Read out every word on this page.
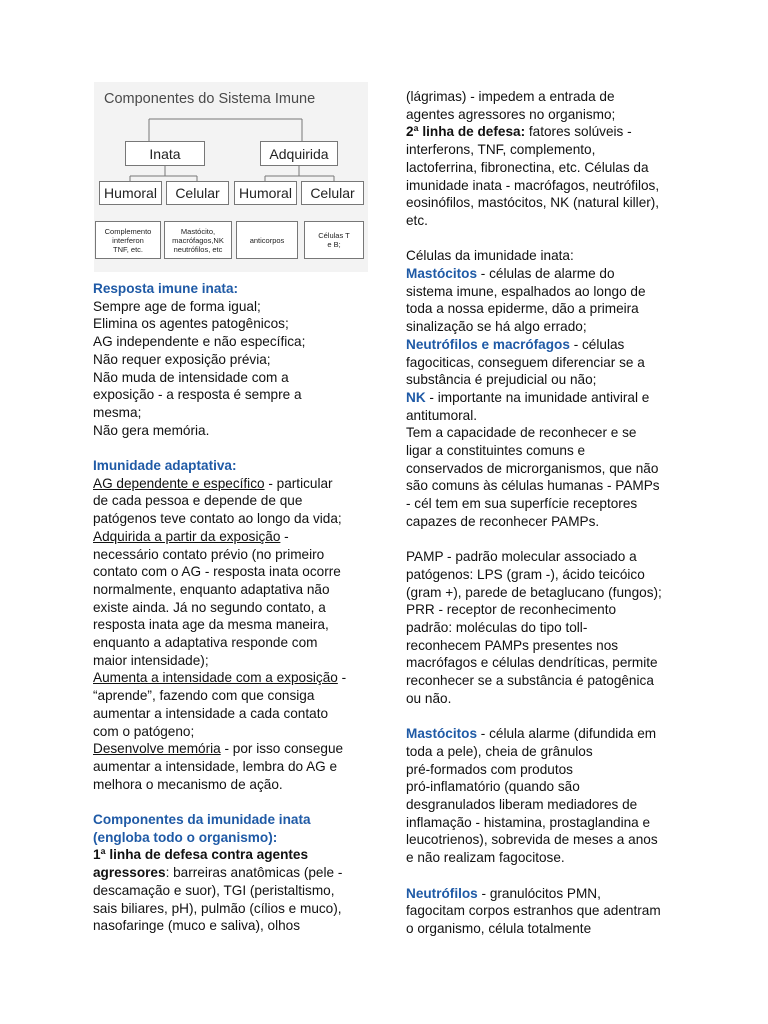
Componentes do Sistema Imune
Inata	Adquirida
Humoral Celular Humoral Celular
Complemento
interferon
TNF, etc.
Mastócito,
macrófagos,NK
neutrófilos, etc
anticorpos	Células T
e B;

Resposta imune inata:

Sempre age de forma igual;

Elimina os agentes patogênicos;

AG independente e não específica;

Não requer exposição prévia;

Não muda de intensidade com a

exposição - a resposta é sempre a

mesma;

Não gera memória.

Imunidade adaptativa:

AG dependente e específico - particular

de cada pessoa e depende de que

patógenos teve contato ao longo da vida;

Adquirida a partir da exposição -

necessário contato prévio (no primeiro

contato com o AG - resposta inata ocorre

normalmente, enquanto adaptativa não

existe ainda. Já no segundo contato, a

resposta inata age da mesma maneira,

enquanto a adaptativa responde com

maior intensidade);

Aumenta a intensidade com a exposição -

“aprende”, fazendo com que consiga

aumentar a intensidade a cada contato

com o patógeno;

Desenvolve memória - por isso consegue

aumentar a intensidade, lembra do AG e

melhora o mecanismo de ação.

Componentes da imunidade inata

(engloba todo o organismo):

1ª linha de defesa contra agentes

agressores: barreiras anatômicas (pele -

descamação e suor), TGI (peristaltismo,

sais biliares, pH), pulmão (cílios e muco),

nasofaringe (muco e saliva), olhos

(lágrimas) - impedem a entrada de

agentes agressores no organismo;

2ª linha de defesa: fatores solúveis -

interferons, TNF, complemento,

lactoferrina, fibronectina, etc. Células da

imunidade inata - macrófagos, neutrófilos,

eosinófilos, mastócitos, NK (natural killer),

etc.

Células da imunidade inata:

Mastócitos - células de alarme do

sistema imune, espalhados ao longo de

toda a nossa epiderme, dão a primeira

sinalização se há algo errado;

Neutrófilos e macrófagos - células

fagociticas, conseguem diferenciar se a

substância é prejudicial ou não;

NK - importante na imunidade antiviral e

antitumoral.

Tem a capacidade de reconhecer e se

ligar a constituintes comuns e

conservados de microrganismos, que não

são comuns às células humanas - PAMPs

- cél tem em sua superfície receptores

capazes de reconhecer PAMPs.

PAMP - padrão molecular associado a

patógenos: LPS (gram -), ácido teicóico

(gram +), parede de betaglucano (fungos);

PRR - receptor de reconhecimento

padrão: moléculas do tipo toll-

reconhecem PAMPs presentes nos

macrófagos e células dendríticas, permite

reconhecer se a substância é patogênica

ou não.

Mastócitos - célula alarme (difundida em

toda a pele), cheia de grânulos

pré-formados com produtos

pró-inflamatório (quando são

desgranulados liberam mediadores de

inflamação - histamina, prostaglandina e

leucotrienos), sobrevida de meses a anos

e não realizam fagocitose.

Neutrófilos - granulócitos PMN,

fagocitam corpos estranhos que adentram

o organismo, célula totalmente
